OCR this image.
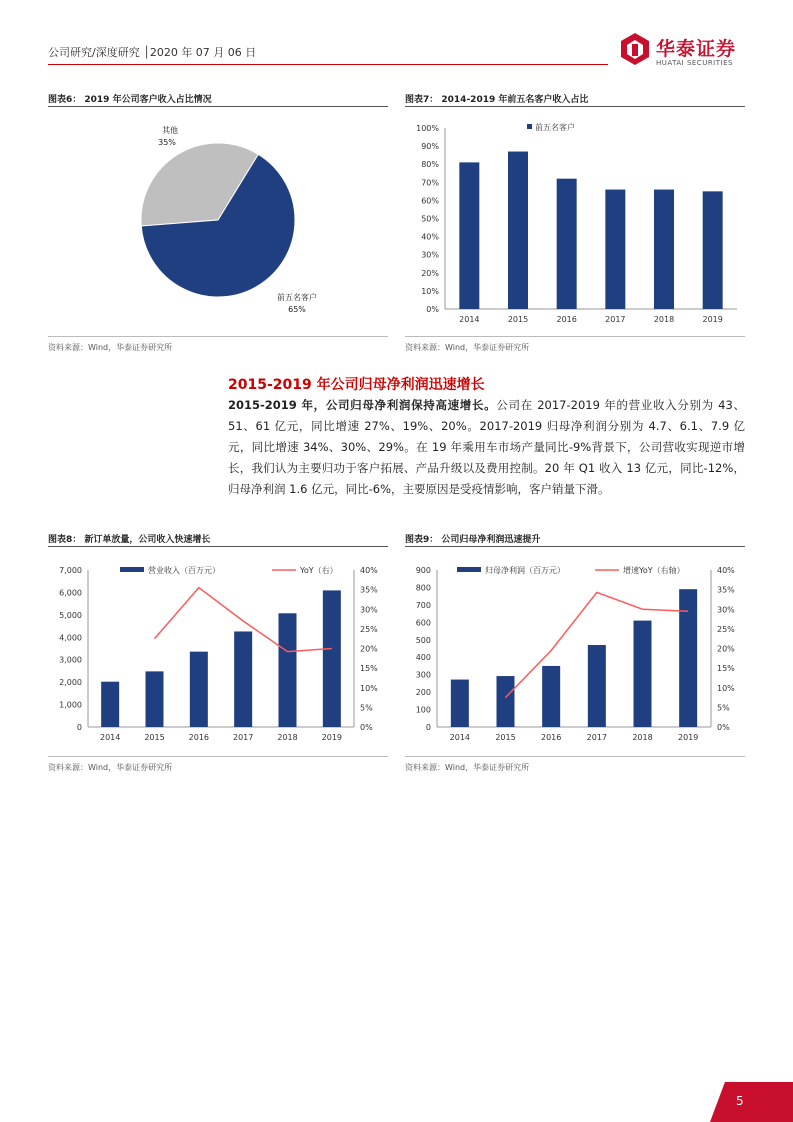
公司研究/深度研究 │2020 年 07 月 06 日	华泰证券
HUATAI SECURITIES
图表6： 2019 年公司客户收入占比情况
其他
35%
前五名客户
65%
资料来源：Wind，华泰证券研究所
图表7： 2014-2019 年前五名客户收入占比
0%
10%
20%
30%
40%
50%
60%
70%
80%
90%
100%
2014	2015	2016	2017	2018	2019
前五名客户
资料来源：Wind，华泰证券研究所
2015-2019 年公司归母净利润迅速增长
2015-2019 年，公司归母净利润保持高速增长。公司在 2017-2019 年的营业收入分别为 43、51、61 亿元，同比增速 27%、19%、20%。2017-2019 归母净利润分别为 4.7、6.1、7.9 亿元，同比增速 34%、30%、29%。在 19 年乘用车市场产量同比-9%背景下，公司营收实现逆市增长，我们认为主要归功于客户拓展、产品升级以及费用控制。20 年 Q1 收入 13 亿元，同比-12%，归母净利润 1.6 亿元，同比-6%，主要原因是受疫情影响，客户销量下滑。
图表8： 新订单放量，公司收入快速增长
0
1,000
2,000
3,000
4,000
5,000
6,000
7,000
0%
5%
10%
15%
20%
25%
30%
35%
40%
2014	2015	2016	2017	2018	2019
营业收入（百万元）	YoY（右）
资料来源：Wind，华泰证券研究所
图表9： 公司归母净利润迅速提升
0
100
200
300
400
500
600
700
800
900
0%
5%
10%
15%
20%
25%
30%
35%
40%
2014	2015	2016	2017	2018	2019
归母净利润（百万元）	增速YoY（右轴）
资料来源：Wind，华泰证券研究所
5
